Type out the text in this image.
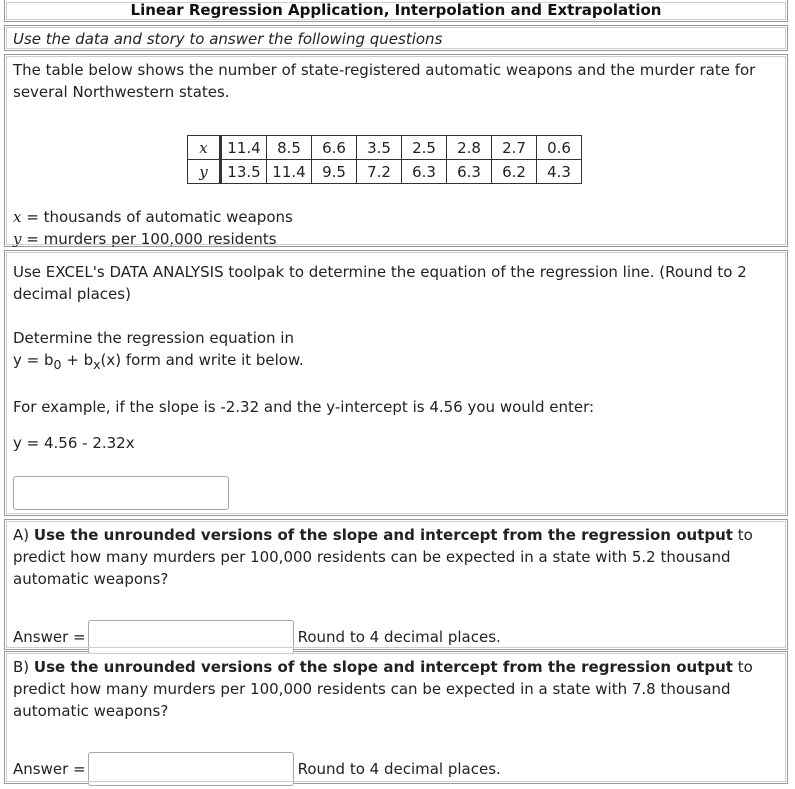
Linear Regression Application, Interpolation and Extrapolation
Use the data and story to answer the following questions

The table below shows the number of state-registered automatic weapons and the murder rate for several Northwestern states.

x	11.4	8.5	6.6	3.5	2.5	2.8	2.7	0.6
y	13.5	11.4	9.5	7.2	6.3	6.3	6.2	4.3
x = thousands of automatic weapons
y = murders per 100,000 residents

Use EXCEL's DATA ANALYSIS toolpak to determine the equation of the regression line. (Round to 2 decimal places)

Determine the regression equation in

$y = b_0 + b_x(x)$ form and write it below.

For example, if the slope is -2.32 and the y-intercept is 4.56 you would enter:

y = 4.56 - 2.32x

A) Use the unrounded versions of the slope and intercept from the regression output to predict how many murders per 100,000 residents can be expected in a state with 5.2 thousand automatic weapons?

Answer =	Round to 4 decimal places.

B) Use the unrounded versions of the slope and intercept from the regression output to predict how many murders per 100,000 residents can be expected in a state with 7.8 thousand automatic weapons?

Answer =	Round to 4 decimal places.
